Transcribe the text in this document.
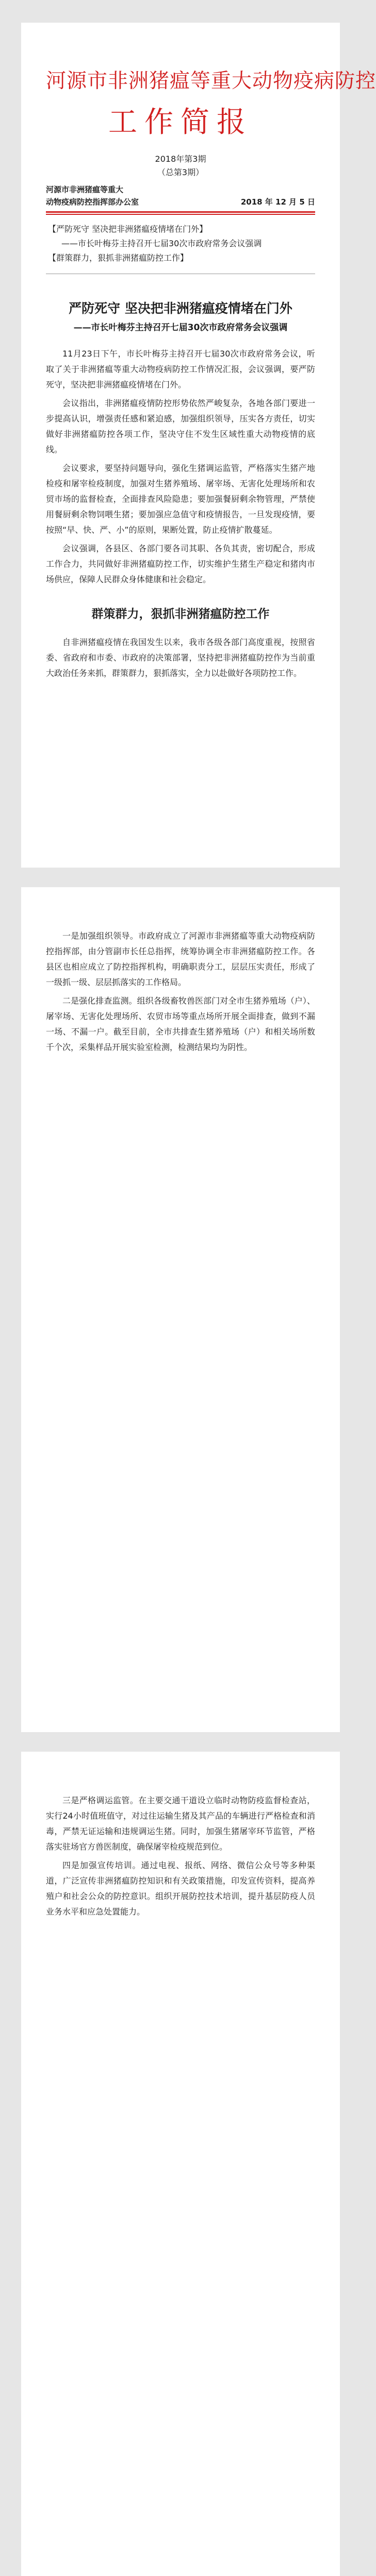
河源市非洲猪瘟等重大动物疫病防控
工作简报
2018年第3期
（总第3期）
河源市非洲猪瘟等重大
动物疫病防控指挥部办公室	2018 年 12 月 5 日
【严防死守 坚决把非洲猪瘟疫情堵在门外】
——市长叶梅芬主持召开七届30次市政府常务会议强调
【群策群力，狠抓非洲猪瘟防控工作】
严防死守 坚决把非洲猪瘟疫情堵在门外
——市长叶梅芬主持召开七届30次市政府常务会议强调

11月23日下午，市长叶梅芬主持召开七届30次市政府常务会议，听取了关于非洲猪瘟等重大动物疫病防控工作情况汇报，会议强调，要严防死守，坚决把非洲猪瘟疫情堵在门外。

会议指出，非洲猪瘟疫情防控形势依然严峻复杂，各地各部门要进一步提高认识，增强责任感和紧迫感，加强组织领导，压实各方责任，切实做好非洲猪瘟防控各项工作，坚决守住不发生区域性重大动物疫情的底线。

会议要求，要坚持问题导向，强化生猪调运监管，严格落实生猪产地检疫和屠宰检疫制度，加强对生猪养殖场、屠宰场、无害化处理场所和农贸市场的监督检查，全面排查风险隐患；要加强餐厨剩余物管理，严禁使用餐厨剩余物饲喂生猪；要加强应急值守和疫情报告，一旦发现疫情，要按照“早、快、严、小”的原则，果断处置，防止疫情扩散蔓延。

会议强调，各县区、各部门要各司其职、各负其责，密切配合，形成工作合力，共同做好非洲猪瘟防控工作，切实维护生猪生产稳定和猪肉市场供应，保障人民群众身体健康和社会稳定。

群策群力，狠抓非洲猪瘟防控工作

自非洲猪瘟疫情在我国发生以来，我市各级各部门高度重视，按照省委、省政府和市委、市政府的决策部署，坚持把非洲猪瘟防控作为当前重大政治任务来抓，群策群力，狠抓落实，全力以赴做好各项防控工作。

一是加强组织领导。市政府成立了河源市非洲猪瘟等重大动物疫病防控指挥部，由分管副市长任总指挥，统筹协调全市非洲猪瘟防控工作。各县区也相应成立了防控指挥机构，明确职责分工，层层压实责任，形成了一级抓一级、层层抓落实的工作格局。

二是强化排查监测。组织各级畜牧兽医部门对全市生猪养殖场（户）、屠宰场、无害化处理场所、农贸市场等重点场所开展全面排查，做到不漏一场、不漏一户。截至目前，全市共排查生猪养殖场（户）和相关场所数千个次，采集样品开展实验室检测，检测结果均为阴性。

三是严格调运监管。在主要交通干道设立临时动物防疫监督检查站，实行24小时值班值守，对过往运输生猪及其产品的车辆进行严格检查和消毒，严禁无证运输和违规调运生猪。同时，加强生猪屠宰环节监管，严格落实驻场官方兽医制度，确保屠宰检疫规范到位。

四是加强宣传培训。通过电视、报纸、网络、微信公众号等多种渠道，广泛宣传非洲猪瘟防控知识和有关政策措施，印发宣传资料，提高养殖户和社会公众的防控意识。组织开展防控技术培训，提升基层防疫人员业务水平和应急处置能力。
